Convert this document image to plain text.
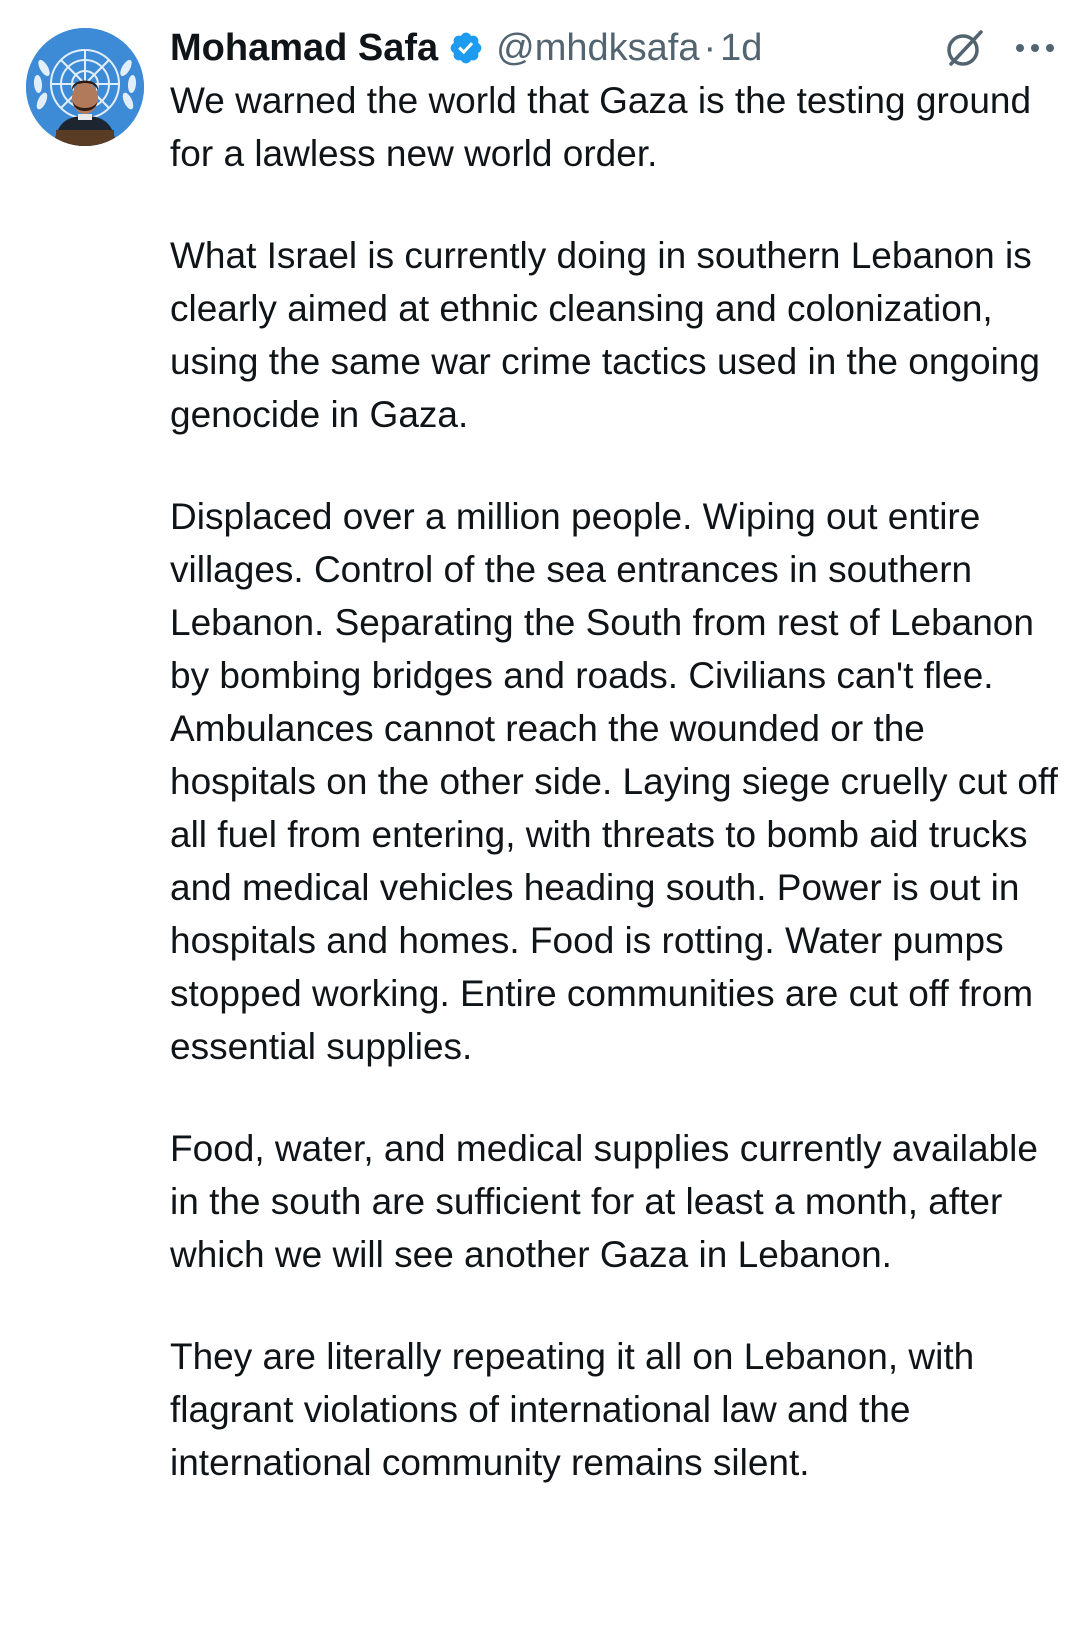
Mohamad Safa @mhdksafa · 1d

We warned the world that Gaza is the testing ground for a lawless new world order.

What Israel is currently doing in southern Lebanon is clearly aimed at ethnic cleansing and colonization, using the same war crime tactics used in the ongoing genocide in Gaza.

Displaced over a million people. Wiping out entire villages. Control of the sea entrances in southern Lebanon. Separating the South from rest of Lebanon by bombing bridges and roads. Civilians can't flee. Ambulances cannot reach the wounded or the hospitals on the other side. Laying siege cruelly cut off all fuel from entering, with threats to bomb aid trucks and medical vehicles heading south. Power is out in hospitals and homes. Food is rotting. Water pumps stopped working. Entire communities are cut off from essential supplies.

Food, water, and medical supplies currently available in the south are sufficient for at least a month, after which we will see another Gaza in Lebanon.

They are literally repeating it all on Lebanon, with flagrant violations of international law and the international community remains silent.
